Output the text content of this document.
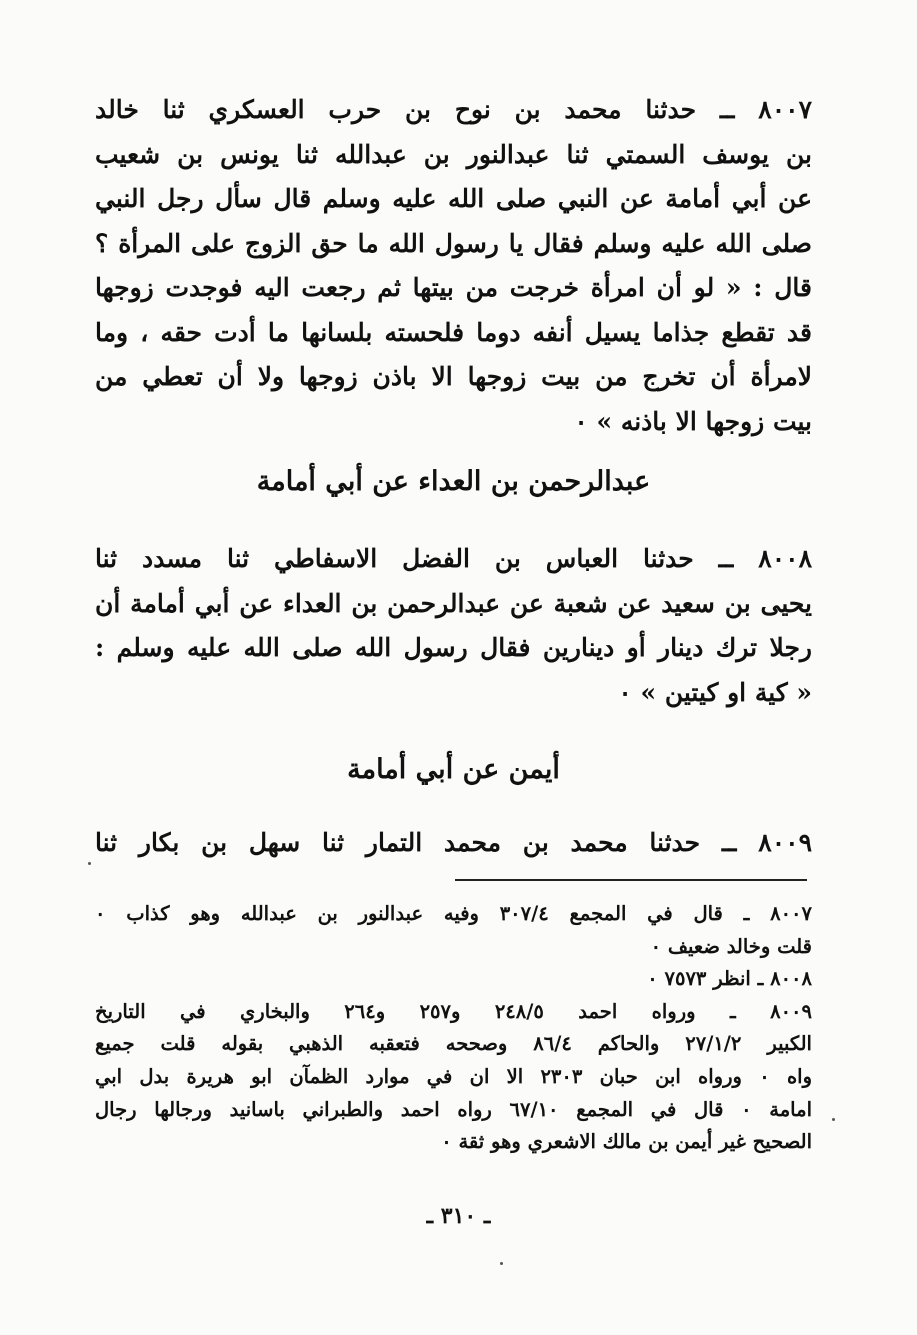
٨٠٠٧ ــ حدثنا محمد بن نوح بن حرب العسكري ثنا خالد
بن يوسف السمتي ثنا عبدالنور بن عبدالله ثنا يونس بن شعيب
عن أبي أمامة عن النبي صلى الله عليه وسلم قال سأل رجل النبي
صلى الله عليه وسلم فقال يا رسول الله ما حق الزوج على المرأة ؟
قال : « لو أن امرأة خرجت من بيتها ثم رجعت اليه فوجدت زوجها
قد تقطع جذاما يسيل أنفه دوما فلحسته بلسانها ما أدت حقه ، وما
لامرأة أن تخرج من بيت زوجها الا باذن زوجها ولا أن تعطي من
بيت زوجها الا باذنه » ٠
عبدالرحمن بن العداء عن أبي أمامة
٨٠٠٨ ــ حدثنا العباس بن الفضل الاسفاطي ثنا مسدد ثنا
يحيى بن سعيد عن شعبة عن عبدالرحمن بن العداء عن أبي أمامة أن
رجلا ترك دينار أو دينارين فقال رسول الله صلى الله عليه وسلم :
« كية او كيتين » ٠
أيمن عن أبي أمامة
٨٠٠٩ ــ حدثنا محمد بن محمد التمار ثنا سهل بن بكار ثنا
٨٠٠٧ ـ قال في المجمع ٣٠٧/٤ وفيه عبدالنور بن عبدالله وهو كذاب ٠
قلت وخالد ضعيف ٠
٨٠٠٨ ـ انظر ٧٥٧٣ ٠
٨٠٠٩ ـ ورواه احمد ٢٤٨/٥ و٢٥٧ و٢٦٤ والبخاري في التاريخ
الكبير ٢٧/١/٢ والحاكم ٨٦/٤ وصححه فتعقبه الذهبي بقوله قلت جميع
واه ٠ ورواه ابن حبان ٢٣٠٣ الا ان في موارد الظمآن ابو هريرة بدل ابي
امامة ٠ قال في المجمع ٦٧/١٠ رواه احمد والطبراني باسانيد ورجالها رجال
الصحيح غير أيمن بن مالك الاشعري وهو ثقة ٠
ـ ٣١٠ ـ
